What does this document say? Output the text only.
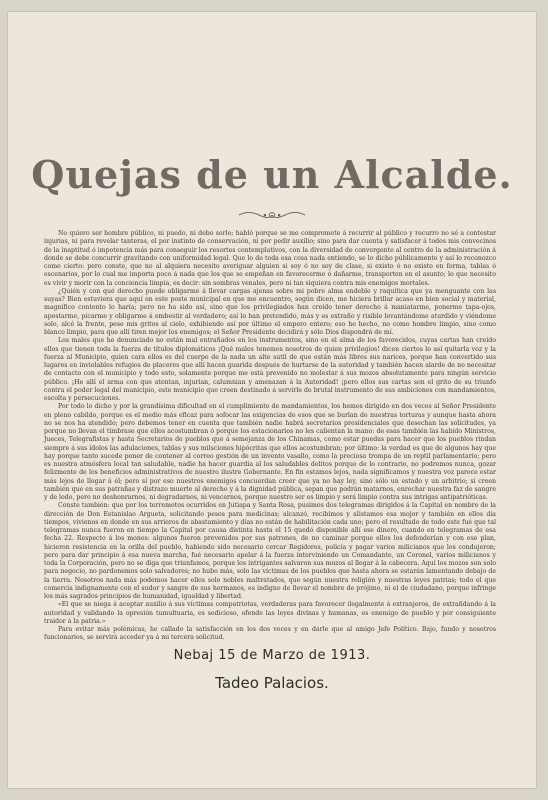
Quejas de un Alcalde.

No quiero ser hombre público, ni puedo, ni debo serlo; habló porque se me compromete á recurrir al público y recurro no sé a contestar injurias, ni para revelar tanteras, el por instinto de conservación, ni por pedir auxilio; sino para dar cuenta y satisfacer á todos mis convecinos de la inaptitud ó impotencia más para conseguir los resortes contemplativos, con la diversidad de convergente al centro de la administración á donde se debe concurrir gravitando con uniformidad legal. Que lo de toda esa cosa nada entiendo, se lo dicho públicamente y así lo reconozco como cierto: pero conste, que no al alquiera necesito averiguar alguien si soy ó no soy de clase, si existo ó no existo en forma, tablas ó escenarios, por lo cual me importa poco á nada que los que se empeñan en favorecerme ó dañarme, transporten en el asunto; lo que necesito es vivir y morir con la conciencia limpia, es decir: sin sombras venales, pero ni tan siquiera contra mis enemigos mortales.

¿Quién y con qué derecho puede obligarme á llevar cargas ajenas sobre mi pobre alma endeble y raquítica que ya menguante con las suyas? Bien estuviera que aquí en este poste municipal en que me encuentro, según dicen, me hiciera brillar acaso en bien social y material, magnífico contento lo haría; pero no ha sido así, sino que los privilegiados han creído tener derecho á maniatarme, ponerme tapa-ojos, apostarme, picarme y obligarme á embestir al verdadero; así lo han pretendido, más y es extraño y risible levantándome aturdido y viéndome solo, alcé la frente, pese mis gritos al cielo, exhibiendo así por último el empero entero; eso he hecho, no como hombre limpio, sino como blanco limpio, para que allí tiren mejor los enemigos; el Señor Presidente decidirá y sólo Dios dispondrá de mí.

Los males que he denunciado no están mal entrañados en los instrumentos, sino en el alma de los favorecidos, cuyas cartas han creído ellos que tienen toda la fuerza de títulos diplomáticos ¡Qué males tenemos nosotros de quien privilegios! dicen ciertos lo así quitarla voz y la fuerza al Municipio, quien cara ellos es del cuerpo de la nada un alte sutil de que están más libres sus narices, porque han convertido sus lugares en inviolables refugios de placeres que allí hacen guarida después de hurtarse de la autoridad y también hacen alarde de no necesitar de contacto con el municipio y todo esto, solamente porque me está prevenido no molestar á sus mozos absolutamente para ningún servicio público. ¡He allí el arma con que atentan, injurian, calumnian y amenazan á la Autoridad! ¡pero ellos sus cartas son el grito de su triunfo contra el poder legal del municipio, este municipio que creen destinado á servirle de brutal instrumento de sus ambiciones con mandamientos, escolta y persecuciones.

Por todo lo dicho y por la grandísima dificultad en el cumplimiento de mandamientos, los hemos dirigido en dos veces al Señor Presidente en pleno cabildo, porque es el medio más eficaz para sofocar las exigencias de esos que se burlan de nuestras torturas y aunque hasta ahora no se nos ha atendido; pero debemos tener en cuenta que también nadie habrá secretarios presidenciales que desechan las solicitudes, ya porque no llevan el timbrase que ellos acostumbran ó porque los estacionarios no les calientan la mano: de esas también las habido Ministros, Jueces, Telegrafistas y hasta Secretarios de pueblos que á semejanza de los Chinamas, como estar puedas para hacer que los pueblos rindan siempre á sus ídolos las adulaciones, tablas y sus milsciones hipócritas que ellos acostumbran; por último: la verdad es que de algunos hay que hay porque tanto sucede poner de contener al correo gestión de un invento vasallo, como la preciosa trompa de un reptil parlamentario; pero es nuestra atmósfera local tan saludable, nadie ha hacer guardia al los saludables delitos porque de lo contrario, no podremos nunca, gozar felizmente de los beneficios administrativos de nuestro ilustre Gobernante. En fin estamos lejos, nada significamos y nuestra voz parece estar más lejos de llegar á él; pero sí por eso nuestros enemigos concuerdan creer que ya no hay ley, sino sólo un estado y un arbitrio; si creen también que en sus patrañas y distrazo muerte al derecho y á la dignidad pública, sepan que podrán matarnos, enrochar nuestra faz de sangre y de lodo, pero no deshonrarnos, ni degradarnos, ni vencernos, porque nuestro ser es limpio y será limpio contra sus intrigas antipatrióticas.

Conste también: que por los terremotos ocurridos en Jutiapa y Santa Rosa, pusimos dos telegramas dirigidos á la Capital en nombre de la dirección de Don Estanislao Argueta, solicitando pesos para medicinas; alcanzó, recibimos y alistamos esa mojor y también en ellos dia tiempos, vivienos en donde en sus arrieros de abastamiento y días no están de habilitación cada uno; pero el resultado de todo este fué que tal telegramas nunca fueron en tiempo la Capital por causa distinta hasta el 15 quedó disponible allí ese dinero, cuando en telegramas de esa fecha 22. Respecto á los monos: algunos fueron prevenidos por sus patrones, de no caminar porque ellos los defenderían y con ese plan, hicieron resistencia en la orilla del pueblo, habiendo sido necesario cercar Regidores, policía y pagar varios milicianos que los condujeron; pero para dar principio á esa nueva marcha, fué necesario apelar á la fuerza interviniendo un Comandante, un Coronel, varios milicianos y toda la Corporación, pero no se diga que triunfamos, porque los intrigantes salvaron sus mozos al llegar á la cabecera. Aquí los mozos son solo para negocio, no pardonemos solo salvadores; no hubo más, solo las víctimas de los pueblos que hasta ahora se estarán lamentando debajo de la tierra. Nosotros nada más podemos hacer ellos solo nobles maltratados, que según nuestra religión y nuestras leyes patrias; todo el que comercia indignamente con el sudor y sangre de sus hermanos, es indigno de llevar el nombre de prójimo, ni el de ciudadano, porque infringe los más sagrados principios de humanidad, igualdad y libertad.

«El que se niega á aceptar auxilio á sus víctimas compatriotas, verdaderas para favorecer ilegalmente á extranjeros, de extrañdando á la autoridad y validando la opresión tumultuaria, es sedicioso, ofende las leyes divinas y humanas, es enemigo de pueblo y por consiguiente traidor á la patria.»

Para evitar más polémicas, he callado la satisfacción en los dos veces y en darle que al amigo Jefe Político. Bajo, fundo y nosotros funcionarios, se servirá acceder ya á mi tercera solicitud.

Nebaj 15 de Marzo de 1913.

Tadeo Palacios.
